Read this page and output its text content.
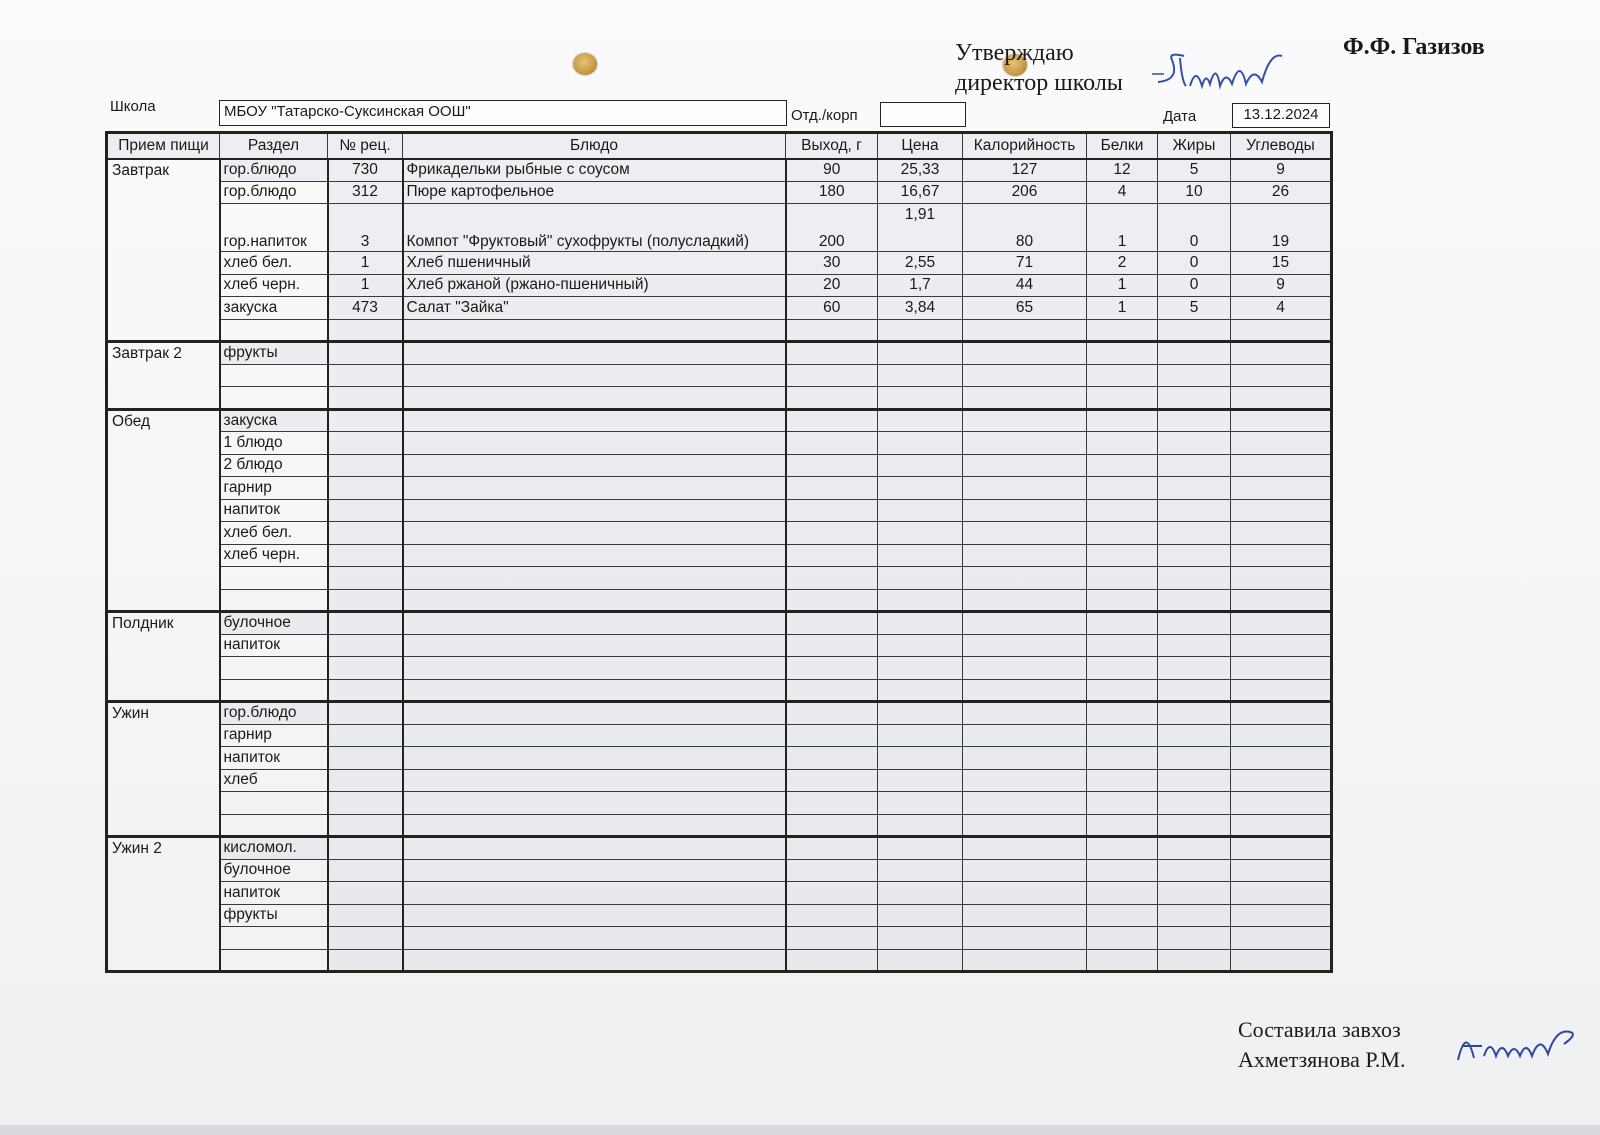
Утверждаю
директор школы
Ф.Ф. Газизов
Школа	МБОУ "Татарско-Суксинская ООШ"	Отд./корп	Дата	13.12.2024
Прием пищи	Раздел	№ рец.	Блюдо	Выход, г	Цена	Калорийность	Белки	Жиры	Углеводы
Завтрак	гор.блюдо	730	Фрикадельки рыбные с соусом	90	25,33	127	12	5	9
	гор.блюдо	312	Пюре картофельное	180	16,67	206	4	10	26
	гор.напиток	3	Компот "Фруктовый" сухофрукты (полусладкий)	200	1,91	80	1	0	19
	хлеб бел.	1	Хлеб пшеничный	30	2,55	71	2	0	15
	хлеб черн.	1	Хлеб ржаной (ржано-пшеничный)	20	1,7	44	1	0	9
	закуска	473	Салат "Зайка"	60	3,84	65	1	5	4

Завтрак 2	фрукты								

Обед	закуска								
	1 блюдо								
	2 блюдо								
	гарнир								
	напиток								
	хлеб бел.								
	хлеб черн.								

Полдник	булочное								
	напиток								

Ужин	гор.блюдо								
	гарнир								
	напиток								
	хлеб								

Ужин 2	кисломол.								
	булочное								
	напиток								
	фрукты								

Составила завхоз
Ахметзянова Р.М.
